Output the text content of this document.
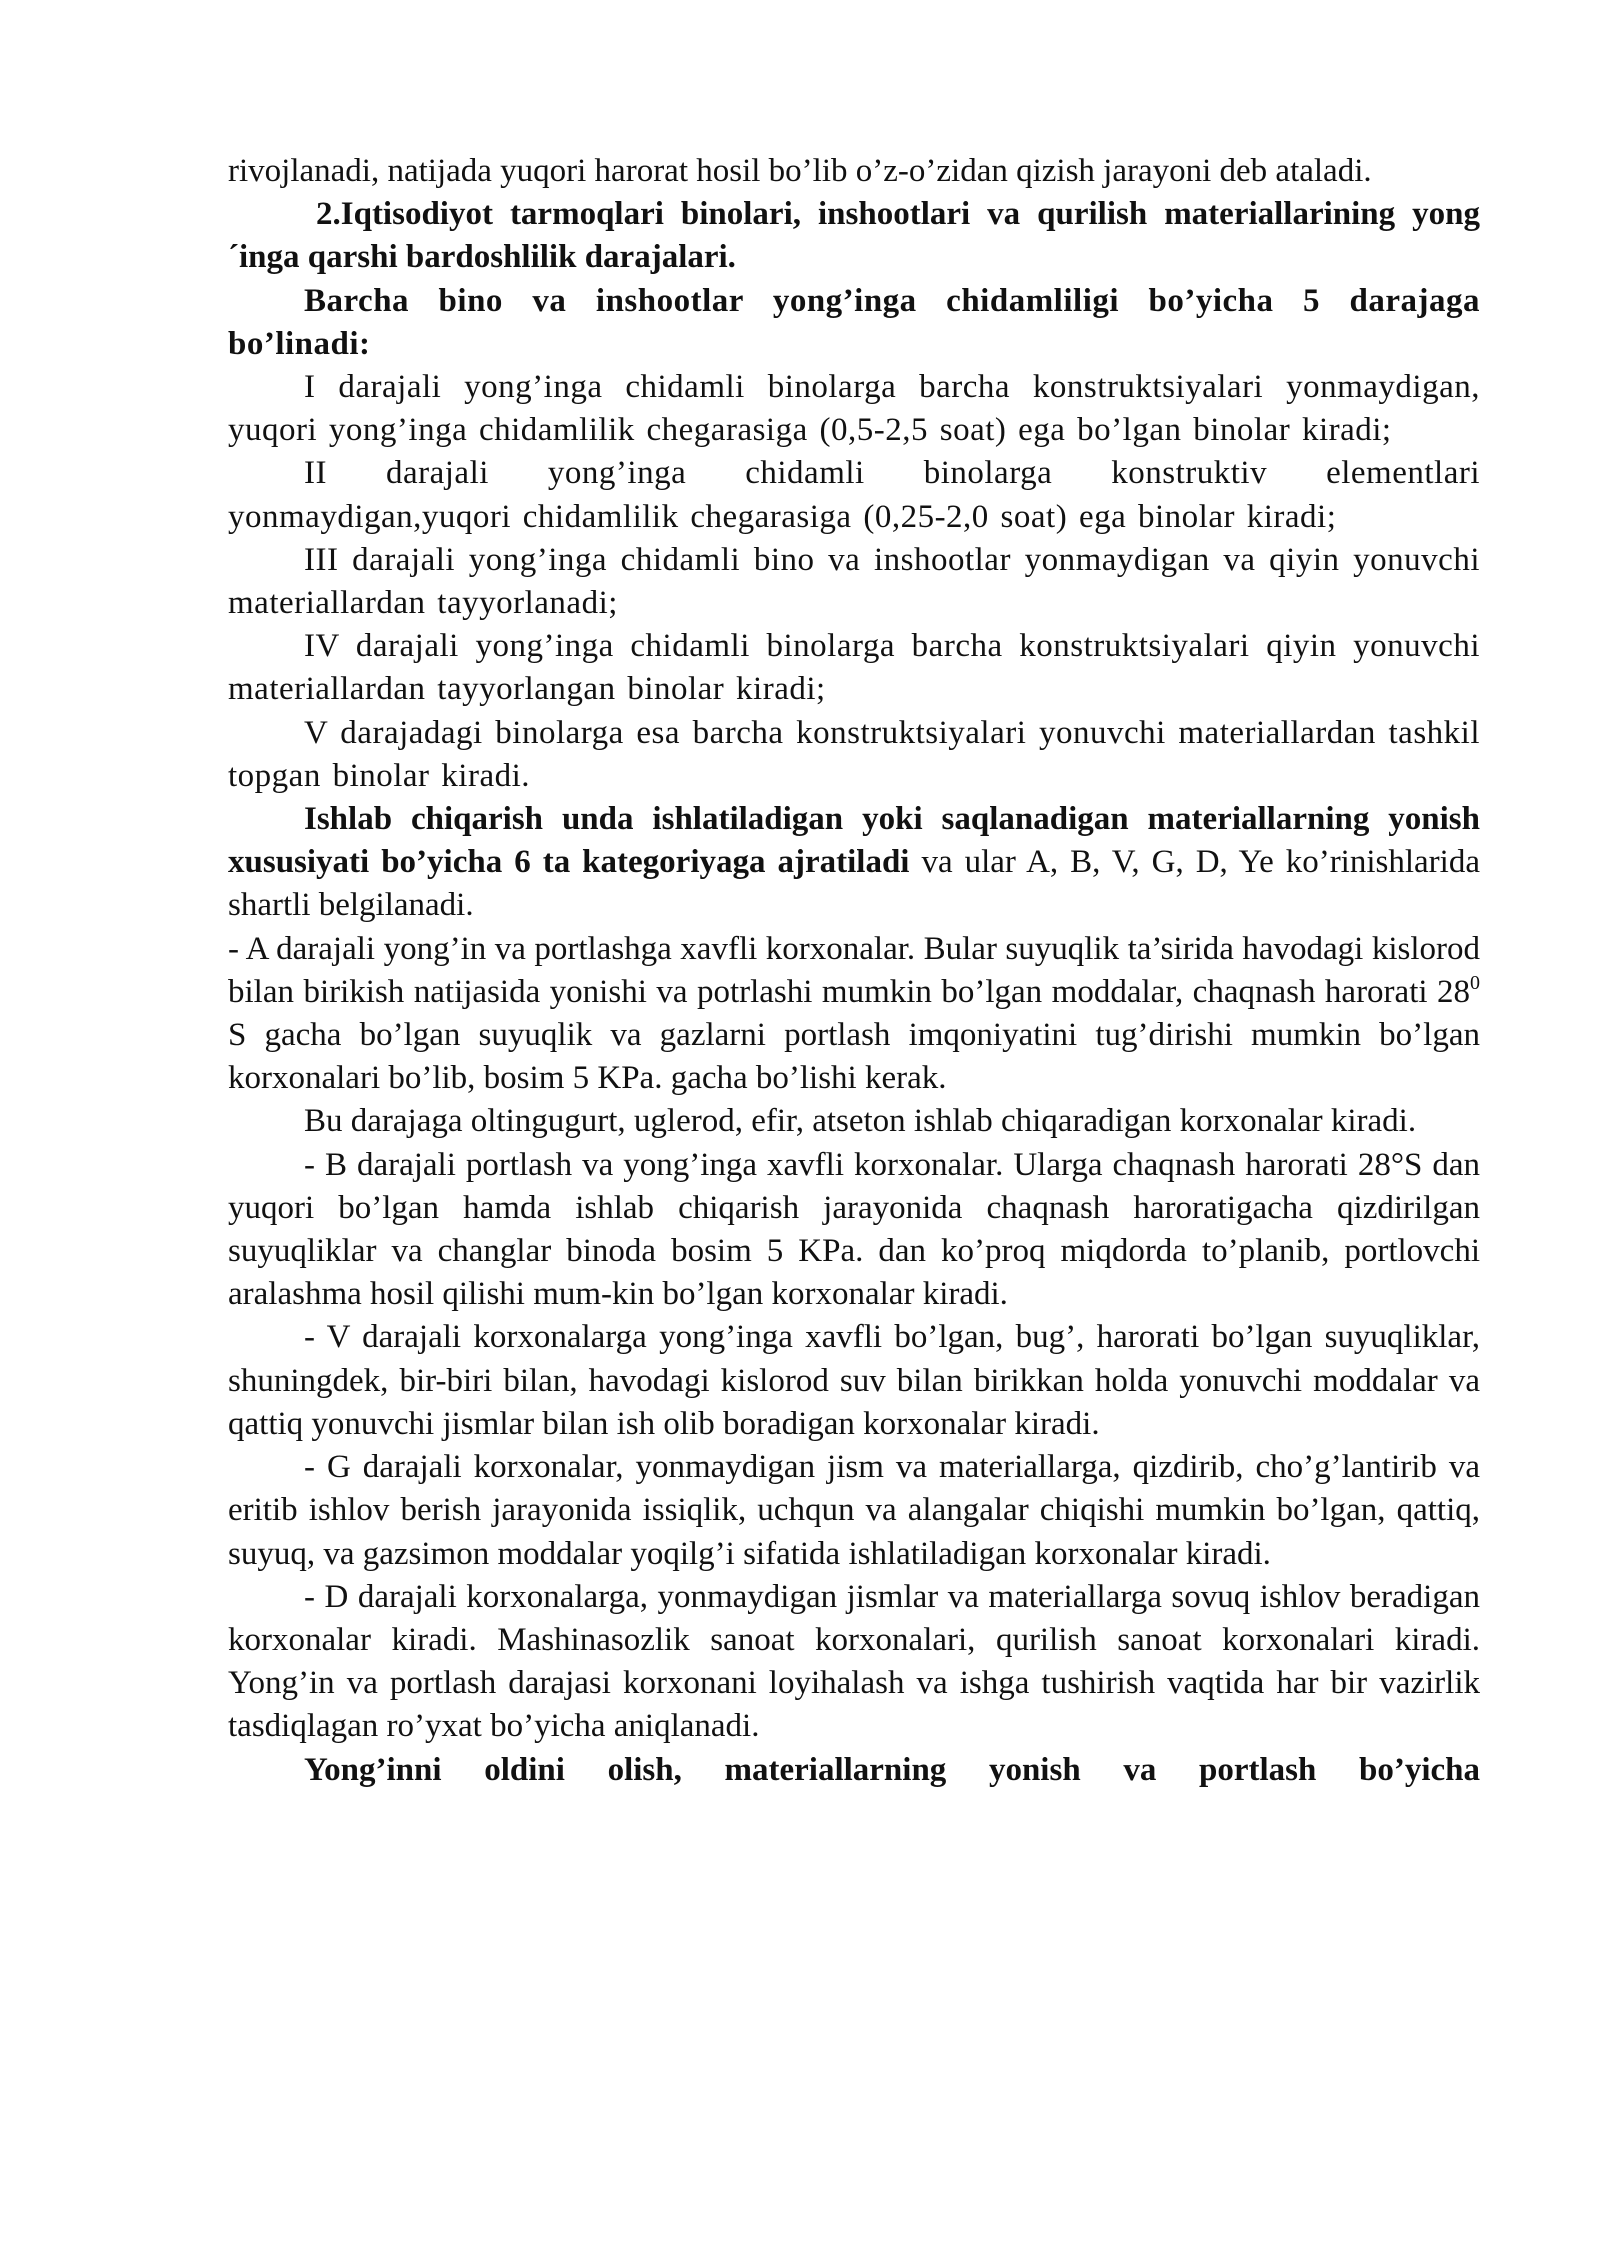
rivojlanadi, natijada yuqori harorat hosil bo’lib o’z-o’zidan qizish jarayoni deb ataladi.

2.Iqtisodiyot tarmoqlari binolari, inshootlari va qurilish materiallarining yong´inga qarshi bardoshlilik darajalari.

Barcha bino va inshootlar yong’inga chidamliligi bo’yicha 5 darajaga bo’linadi:

I darajali yong’inga chidamli binolarga barcha konstruktsiyalari yonmaydigan, yuqori yong’inga chidamlilik chegarasiga (0,5-2,5 soat) ega bo’lgan binolar kiradi;

II darajali yong’inga chidamli binolarga konstruktiv elementlari yonmaydigan,yuqori chidamlilik chegarasiga (0,25-2,0 soat) ega binolar kiradi;

III darajali yong’inga chidamli bino va inshootlar yonmaydigan va qiyin yonuvchi materiallardan tayyorlanadi;

IV darajali yong’inga chidamli binolarga barcha konstruktsiyalari qiyin yonuvchi materiallardan tayyorlangan binolar kiradi;

V darajadagi binolarga esa barcha konstruktsiyalari yonuvchi materiallardan tashkil topgan binolar kiradi.

Ishlab chiqarish unda ishlatiladigan yoki saqlanadigan materiallarning yonish xususiyati bo’yicha 6 ta kategoriyaga ajratiladi va ular A, B, V, G, D, Ye ko’rinishlarida shartli belgilanadi.

- A darajali yong’in va portlashga xavfli korxonalar. Bular suyuqlik ta’sirida havodagi kislorod bilan birikish natijasida yonishi va potrlashi mumkin bo’lgan moddalar, chaqnash harorati $28^0$ S gacha bo’lgan suyuqlik va gazlarni portlash imqoniyatini tug’dirishi mumkin bo’lgan korxonalari bo’lib, bosim 5 KPa. gacha bo’lishi kerak.

Bu darajaga oltingugurt, uglerod, efir, atseton ishlab chiqaradigan korxonalar kiradi.

- B darajali portlash va yong’inga xavfli korxonalar. Ularga chaqnash harorati 28°S dan yuqori bo’lgan hamda ishlab chiqarish jarayonida chaqnash haroratigacha qizdirilgan suyuqliklar va changlar binoda bosim 5 KPa. dan ko’proq miqdorda to’planib, portlovchi aralashma hosil qilishi mum-kin bo’lgan korxonalar kiradi.

- V darajali korxonalarga yong’inga xavfli bo’lgan, bug’, harorati bo’lgan suyuqliklar, shuningdek, bir-biri bilan, havodagi kislorod suv bilan birikkan holda yonuvchi moddalar va qattiq yonuvchi jismlar bilan ish olib boradigan korxonalar kiradi.

- G darajali korxonalar, yonmaydigan jism va materiallarga, qizdirib, cho’g’lantirib va eritib ishlov berish jarayonida issiqlik, uchqun va alangalar chiqishi mumkin bo’lgan, qattiq, suyuq, va gazsimon moddalar yoqilg’i sifatida ishlatiladigan korxonalar kiradi.

- D darajali korxonalarga, yonmaydigan jismlar va materiallarga sovuq ishlov beradigan korxonalar kiradi. Mashinasozlik sanoat korxonalari, qurilish sanoat korxonalari kiradi. Yong’in va portlash darajasi korxonani loyihalash va ishga tushirish vaqtida har bir vazirlik tasdiqlagan ro’yxat bo’yicha aniqlanadi.

Yong’inni oldini olish, materiallarning yonish va portlash bo’yicha
